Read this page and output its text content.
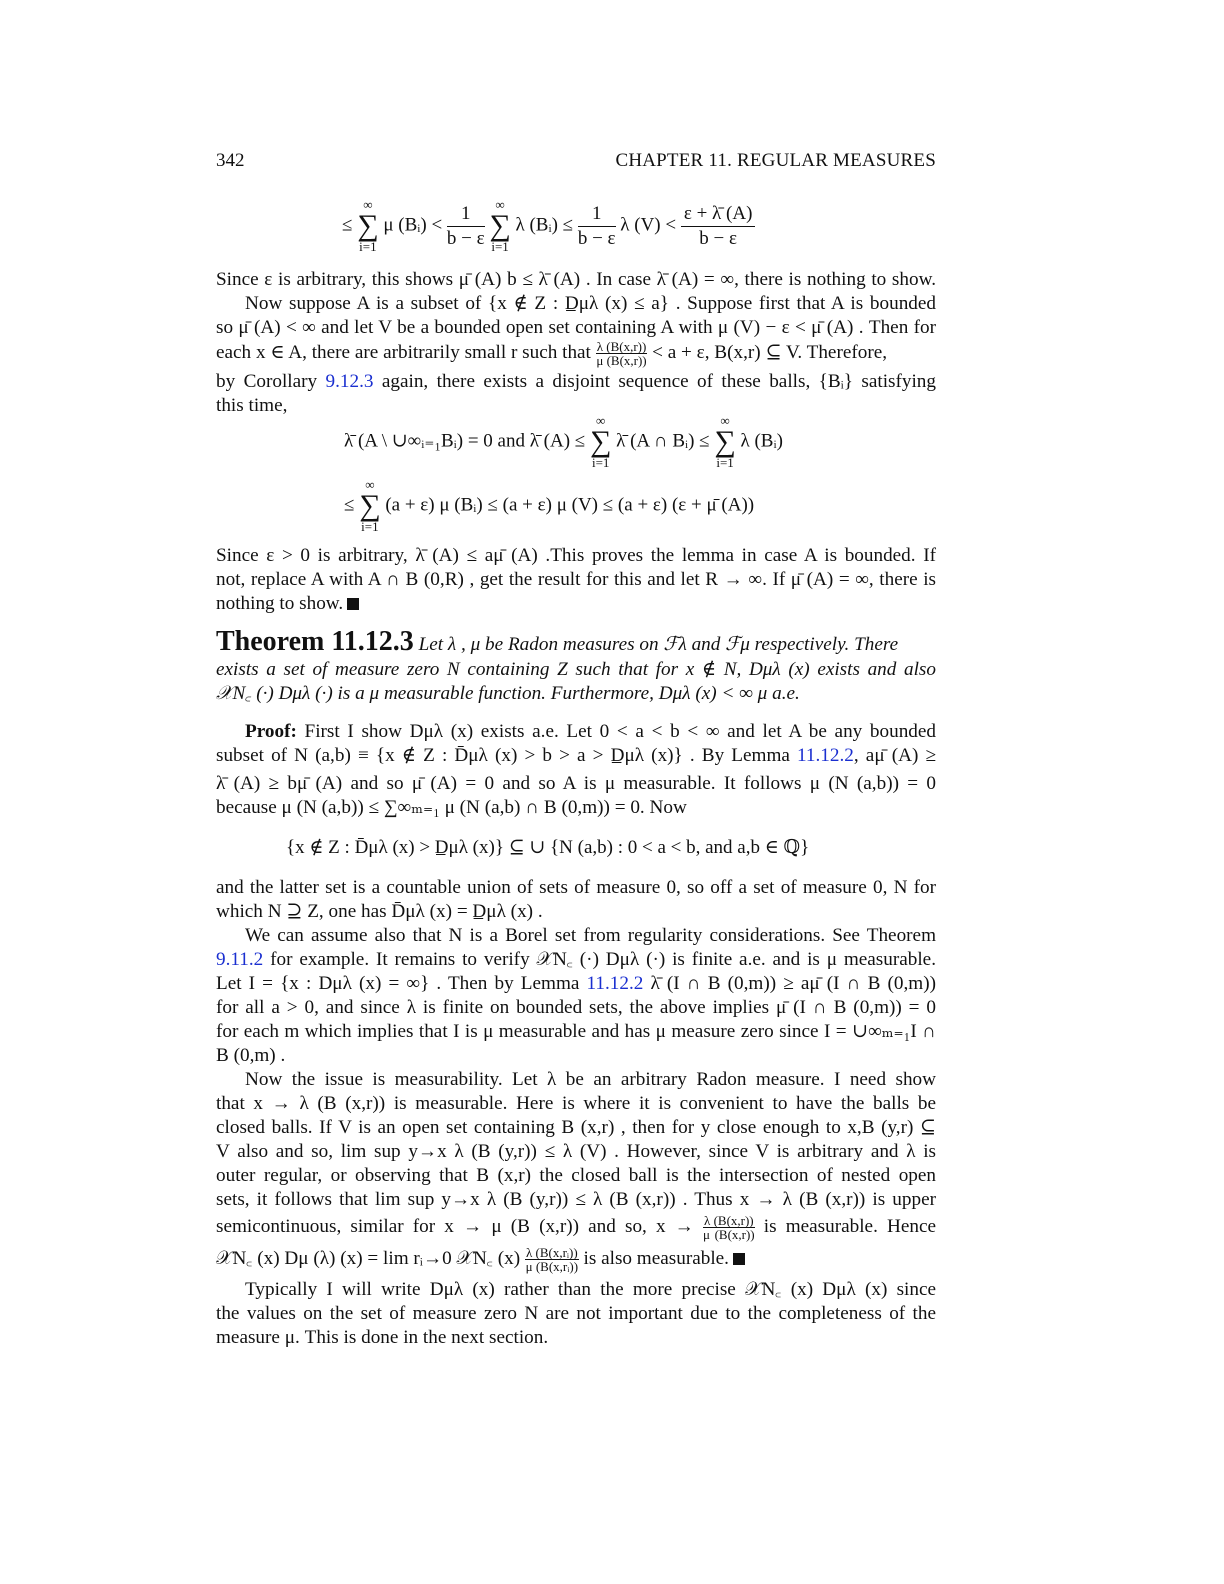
342	CHAPTER 11. REGULAR MEASURES
≤
∞
∑
i=1
μ (Bᵢ) < $\frac{1}{b - \varepsilon}$ ∞
∑
i=1
λ (Bᵢ) ≤ $\frac{1}{b - \varepsilon}$ λ $(V) < \frac{\varepsilon + \lambdā (A)}{b - \varepsilon}$
Since ε is arbitrary, this shows μ̄ (A) b ≤ λ̄ (A) . In case λ̄ (A) = ∞, there is nothing to show.
Now suppose A is a subset of {x ∉ Z : D̲μλ (x) ≤ a} . Suppose first that A is bounded
so μ̄ (A) < ∞ and let V be a bounded open set containing A with μ (V) − ε < μ̄ (A) . Then for
each x ∈ A, there are arbitrarily small r such that $\frac{\lambda (B(x,r))}{\mu (B(x,r))} < a + \varepsilon$, B(x,r) ⊆ V. Therefore,
by Corollary 9.12.3 again, there exists a disjoint sequence of these balls, {Bᵢ} satisfying
this time,
λ̄ (A \ ∪∞ᵢ₌₁Bᵢ) = 0 and λ̄ (A) ≤
∞
∑
i=1
λ̄ (A ∩ Bᵢ) ≤
∞
∑
i=1
λ (Bᵢ)
≤
∞
∑
i=1
(a + ε) μ (Bᵢ) ≤ (a + ε) μ (V) ≤ (a + ε) (ε + μ̄ (A))
Since ε > 0 is arbitrary, λ̄ (A) ≤ aμ̄ (A) .This proves the lemma in case A is bounded. If
not, replace A with A ∩ B (0,R) , get the result for this and let R → ∞. If μ̄ (A) = ∞, there is
nothing to show.
Theorem 11.12.3 Let λ , μ be Radon measures on ℱλ and ℱμ respectively. There
exists a set of measure zero N containing Z such that for x ∉ N, Dμλ (x) exists and also
𝒳N꜀ (·) Dμλ (·) is a μ measurable function. Furthermore, Dμλ (x) < ∞ μ a.e.
Proof: First I show Dμλ (x) exists a.e. Let 0 < a < b < ∞ and let A be any bounded
subset of N (a,b) ≡ {x ∉ Z : D̄μλ (x) > b > a > D̲μλ (x)} . By Lemma 11.12.2, aμ̄ (A) ≥
λ̄ (A) ≥ bμ̄ (A) and so μ̄ (A) = 0 and so A is μ measurable. It follows μ (N (a,b)) = 0
because μ (N (a,b)) ≤ ∑∞ₘ₌₁ μ (N (a,b) ∩ B (0,m)) = 0. Now
{x ∉ Z : D̄μλ (x) > D̲μλ (x)} ⊆ ∪ {N (a,b) : 0 < a < b, and a,b ∈ ℚ}
and the latter set is a countable union of sets of measure 0, so off a set of measure 0, N for
which N ⊇ Z, one has D̄μλ (x) = D̲μλ (x) .
We can assume also that N is a Borel set from regularity considerations. See Theorem
9.11.2 for example. It remains to verify 𝒳N꜀ (·) Dμλ (·) is finite a.e. and is μ measurable.
Let I = {x : Dμλ (x) = ∞} . Then by Lemma 11.12.2 λ̄ (I ∩ B (0,m)) ≥ aμ̄ (I ∩ B (0,m))
for all a > 0, and since λ is finite on bounded sets, the above implies μ̄ (I ∩ B (0,m)) = 0
for each m which implies that I is μ measurable and has μ measure zero since I = ∪∞ₘ₌₁I ∩
B (0,m) .
Now the issue is measurability. Let λ be an arbitrary Radon measure. I need show
that x → λ (B (x,r)) is measurable. Here is where it is convenient to have the balls be
closed balls. If V is an open set containing B (x,r) , then for y close enough to x,B (y,r) ⊆
V also and so, lim sup y→x λ (B (y,r)) ≤ λ (V) . However, since V is arbitrary and λ is
outer regular, or observing that B (x,r) the closed ball is the intersection of nested open
sets, it follows that lim sup y→x λ (B (y,r)) ≤ λ (B (x,r)) . Thus x → λ (B (x,r)) is upper
semicontinuous, similar for x → μ (B (x,r)) and so, $x \to \frac{\lambda (B(x,r))}{\mu (B(x,r))}$ is measurable. Hence
𝒳N꜀ (x) Dμ (λ) (x) = lim rᵢ→0 𝒳N꜀ $(x) \frac{\text{λ (B(x,rᵢ))}}{\text{μ (B(x,rᵢ))}}$ is also measurable.
Typically I will write Dμλ (x) rather than the more precise 𝒳N꜀ (x) Dμλ (x) since
the values on the set of measure zero N are not important due to the completeness of the
measure μ. This is done in the next section.
